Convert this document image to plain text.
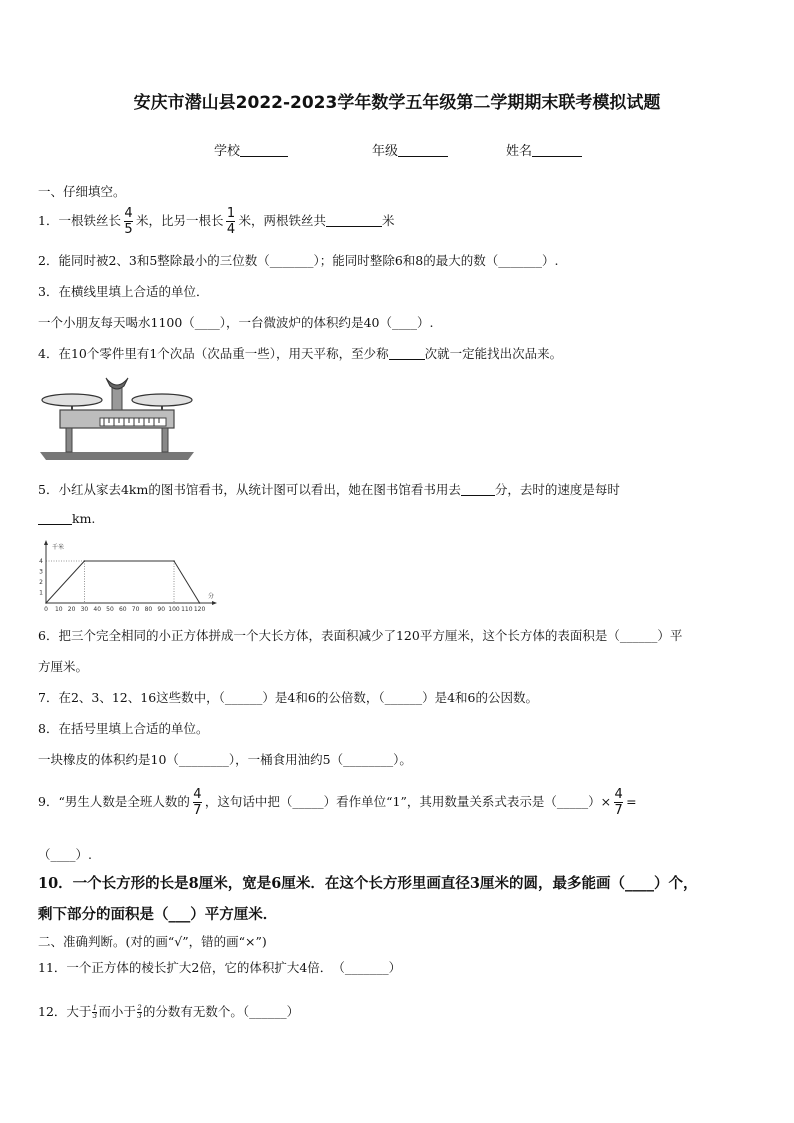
安庆市潜山县2022-2023学年数学五年级第二学期期末联考模拟试题
学校	年级	姓名
一、仔细填空。
1．一根铁丝长 $\frac{4}{5}$ 米，比另一根长 $\frac{1}{4}$ 米，两根铁丝共	米
2．能同时被2、3和5整除最小的三位数（_______）；能同时整除6和8的最大的数（_______）.
3．在横线里填上合适的单位．
一个小朋友每天喝水1100（____），一台微波炉的体积约是40（____）.
4．在10个零件里有1个次品（次品重一些），用天平称，至少称	次就一定能找出次品来。
5．小红从家去4km的图书馆看书，从统计图可以看出，她在图书馆看书用去	分，去时的速度是每时
km.
千米
分
0 10 20 30 40 50 60 70 80 90 100 110 120
1
2
3
4
6．把三个完全相同的小正方体拼成一个大长方体，表面积减少了120平方厘米，这个长方体的表面积是（______）平
方厘米。
7．在2、3、12、16这些数中，（______）是4和6的公倍数，（______）是4和6的公因数。
8．在括号里填上合适的单位。
一块橡皮的体积约是10（________），一桶食用油约5（________）。
9．“男生人数是全班人数的 $\frac{4}{7}$ ，这句话中把（_____）看作单位“1”，其用数量关系式表示是（_____）× $\frac{4}{7}$ =
（____）.
10．一个长方形的长是8厘米，宽是6厘米．在这个长方形里画直径3厘米的圆，最多能画（____）个，
剩下部分的面积是（___）平方厘米．
二、准确判断。(对的画“√”，错的画“×”)
11．一个正方体的棱长扩大2倍，它的体积扩大4倍．　（_______）
12．大于 $\frac{1}{3}$ 而小于 $\frac{2}{3}$ 的分数有无数个。（______）
